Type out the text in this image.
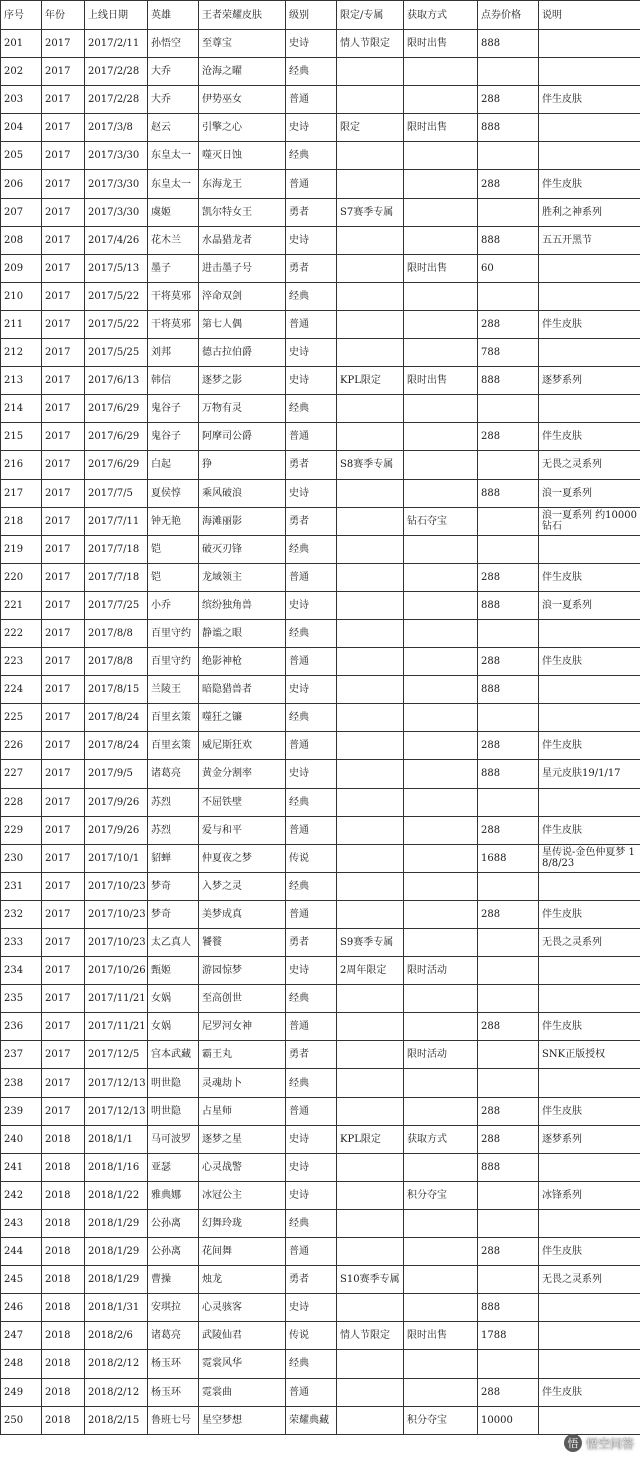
序号	年份	上线日期	英雄	王者荣耀皮肤	级别	限定/专属	获取方式	点券价格	说明
201	2017	2017/2/11	孙悟空	至尊宝	史诗	情人节限定	限时出售	888	
202	2017	2017/2/28	大乔	沧海之曜	经典				
203	2017	2017/2/28	大乔	伊势巫女	普通			288	伴生皮肤
204	2017	2017/3/8	赵云	引擎之心	史诗	限定	限时出售	888	
205	2017	2017/3/30	东皇太一	噬灭日蚀	经典				
206	2017	2017/3/30	东皇太一	东海龙王	普通			288	伴生皮肤
207	2017	2017/3/30	虞姬	凯尔特女王	勇者	S7赛季专属			胜利之神系列
208	2017	2017/4/26	花木兰	水晶猎龙者	史诗			888	五五开黑节
209	2017	2017/5/13	墨子	进击墨子号	勇者		限时出售	60	
210	2017	2017/5/22	干将莫邪	淬命双剑	经典				
211	2017	2017/5/22	干将莫邪	第七人偶	普通			288	伴生皮肤
212	2017	2017/5/25	刘邦	德古拉伯爵	史诗			788	
213	2017	2017/6/13	韩信	逐梦之影	史诗	KPL限定	限时出售	888	逐梦系列
214	2017	2017/6/29	鬼谷子	万物有灵	经典				
215	2017	2017/6/29	鬼谷子	阿摩司公爵	普通			288	伴生皮肤
216	2017	2017/6/29	白起	狰	勇者	S8赛季专属			无畏之灵系列
217	2017	2017/7/5	夏侯惇	乘风破浪	史诗			888	浪一夏系列
218	2017	2017/7/11	钟无艳	海滩丽影	勇者		钻石夺宝		浪一夏系列 约10000钻石
219	2017	2017/7/18	铠	破灭刃锋	经典				
220	2017	2017/7/18	铠	龙域领主	普通			288	伴生皮肤
221	2017	2017/7/25	小乔	缤纷独角兽	史诗			888	浪一夏系列
222	2017	2017/8/8	百里守约	静谧之眼	经典				
223	2017	2017/8/8	百里守约	绝影神枪	普通			288	伴生皮肤
224	2017	2017/8/15	兰陵王	暗隐猎兽者	史诗			888	
225	2017	2017/8/24	百里玄策	噬狂之镰	经典				
226	2017	2017/8/24	百里玄策	威尼斯狂欢	普通			288	伴生皮肤
227	2017	2017/9/5	诸葛亮	黄金分割率	史诗			888	星元皮肤19/1/17
228	2017	2017/9/26	苏烈	不屈铁壁	经典				
229	2017	2017/9/26	苏烈	爱与和平	普通			288	伴生皮肤
230	2017	2017/10/1	貂蝉	仲夏夜之梦	传说			1688	星传说-金色仲夏梦 18/8/23
231	2017	2017/10/23	梦奇	入梦之灵	经典				
232	2017	2017/10/23	梦奇	美梦成真	普通			288	伴生皮肤
233	2017	2017/10/23	太乙真人	饕餮	勇者	S9赛季专属			无畏之灵系列
234	2017	2017/10/26	甄姬	游园惊梦	史诗	2周年限定	限时活动		
235	2017	2017/11/21	女娲	至高创世	经典				
236	2017	2017/11/21	女娲	尼罗河女神	普通			288	伴生皮肤
237	2017	2017/12/5	宫本武藏	霸王丸	勇者		限时活动		SNK正版授权
238	2017	2017/12/13	明世隐	灵魂劫卜	经典				
239	2017	2017/12/13	明世隐	占星师	普通			288	伴生皮肤
240	2018	2018/1/1	马可波罗	逐梦之星	史诗	KPL限定	获取方式	288	逐梦系列
241	2018	2018/1/16	亚瑟	心灵战警	史诗			888	
242	2018	2018/1/22	雅典娜	冰冠公主	史诗		积分夺宝		冰锋系列
243	2018	2018/1/29	公孙离	幻舞玲珑	经典				
244	2018	2018/1/29	公孙离	花间舞	普通			288	伴生皮肤
245	2018	2018/1/29	曹操	烛龙	勇者	S10赛季专属			无畏之灵系列
246	2018	2018/1/31	安琪拉	心灵骇客	史诗			888	
247	2018	2018/2/6	诸葛亮	武陵仙君	传说	情人节限定	限时出售	1788	
248	2018	2018/2/12	杨玉环	霓裳风华	经典				
249	2018	2018/2/12	杨玉环	霓裳曲	普通			288	伴生皮肤
250	2018	2018/2/15	鲁班七号	星空梦想	荣耀典藏		积分夺宝	10000	
悟 悟空问答
